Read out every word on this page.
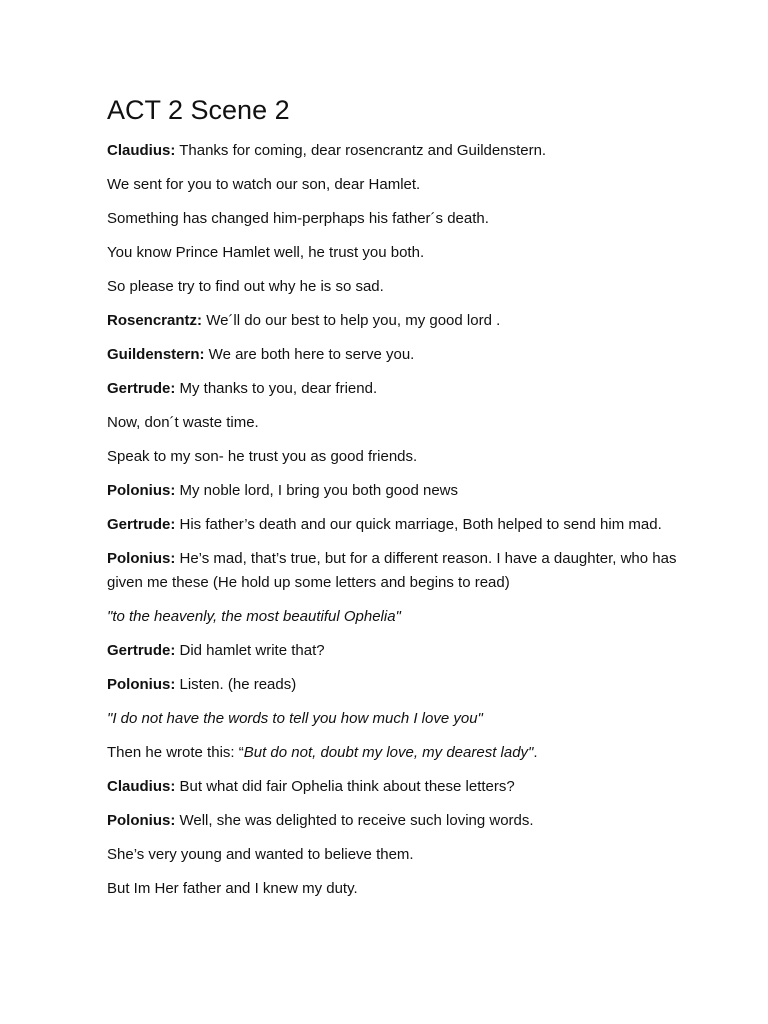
ACT 2 Scene 2

Claudius: Thanks for coming, dear rosencrantz and Guildenstern.

We sent for you to watch our son, dear Hamlet.

Something has changed him-perphaps his father´s death.

You know Prince Hamlet well, he trust you both.

So please try to find out why he is so sad.

Rosencrantz: We´ll do our best to help you, my good lord .

Guildenstern: We are both here to serve you.

Gertrude: My thanks to you, dear friend.

Now, don´t waste time.

Speak to my son- he trust you as good friends.

Polonius: My noble lord, I bring you both good news

Gertrude: His father’s death and our quick marriage, Both helped to send him mad.

Polonius: He’s mad, that’s true, but for a different reason. I have a daughter, who has given me these (He hold up some letters and begins to read)

"to the heavenly, the most beautiful Ophelia"

Gertrude: Did hamlet write that?

Polonius: Listen. (he reads)

"I do not have the words to tell you how much I love you"

Then he wrote this: “But do not, doubt my love, my dearest lady".

Claudius: But what did fair Ophelia think about these letters?

Polonius: Well, she was delighted to receive such loving words.

She’s very young and wanted to believe them.

But Im Her father and I knew my duty.
